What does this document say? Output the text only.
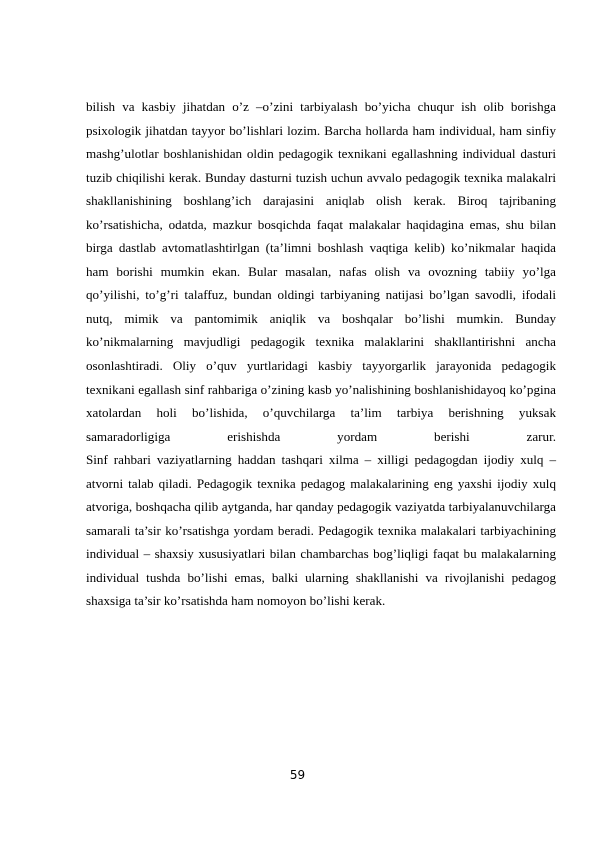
bilish va kasbiy jihatdan o’z –o’zini tarbiyalash bo’yicha chuqur ish olib borishga psixologik jihatdan tayyor bo’lishlari lozim. Barcha hollarda ham individual, ham sinfiy mashg’ulotlar boshlanishidan oldin pedagogik texnikani egallashning individual dasturi tuzib chiqilishi kerak. Bunday dasturni tuzish uchun avvalo pedagogik texnika malakalri shakllanishining boshlang’ich darajasini aniqlab olish kerak. Biroq tajribaning ko’rsatishicha, odatda, mazkur bosqichda faqat malakalar haqidagina emas, shu bilan birga dastlab avtomatlashtirlgan (ta’limni boshlash vaqtiga kelib) ko’nikmalar haqida ham borishi mumkin ekan. Bular masalan, nafas olish va ovozning tabiiy yo’lga qo’yilishi, to’g’ri talaffuz, bundan oldingi tarbiyaning natijasi bo’lgan savodli, ifodali nutq, mimik va pantomimik aniqlik va boshqalar bo’lishi mumkin. Bunday ko’nikmalarning mavjudligi pedagogik texnika malaklarini shakllantirishni ancha osonlashtiradi. Oliy o’quv yurtlaridagi kasbiy tayyorgarlik jarayonida pedagogik texnikani egallash sinf rahbariga o’zining kasb yo’nalishining boshlanishidayoq ko’pgina xatolardan holi bo’lishida, o’quvchilarga ta’lim tarbiya berishning yuksak samaradorligiga erishishda yordam berishi zarur.

Sinf rahbari vaziyatlarning haddan tashqari xilma – xilligi pedagogdan ijodiy xulq – atvorni talab qiladi. Pedagogik texnika pedagog malakalarining eng yaxshi ijodiy xulq atvoriga, boshqacha qilib aytganda, har qanday pedagogik vaziyatda tarbiyalanuvchilarga samarali ta’sir ko’rsatishga yordam beradi. Pedagogik texnika malakalari tarbiyachining individual – shaxsiy xususiyatlari bilan chambarchas bog’liqligi faqat bu malakalarning individual tushda bo’lishi emas, balki ularning shakllanishi va rivojlanishi pedagog shaxsiga ta’sir ko’rsatishda ham nomoyon bo’lishi kerak.

59
